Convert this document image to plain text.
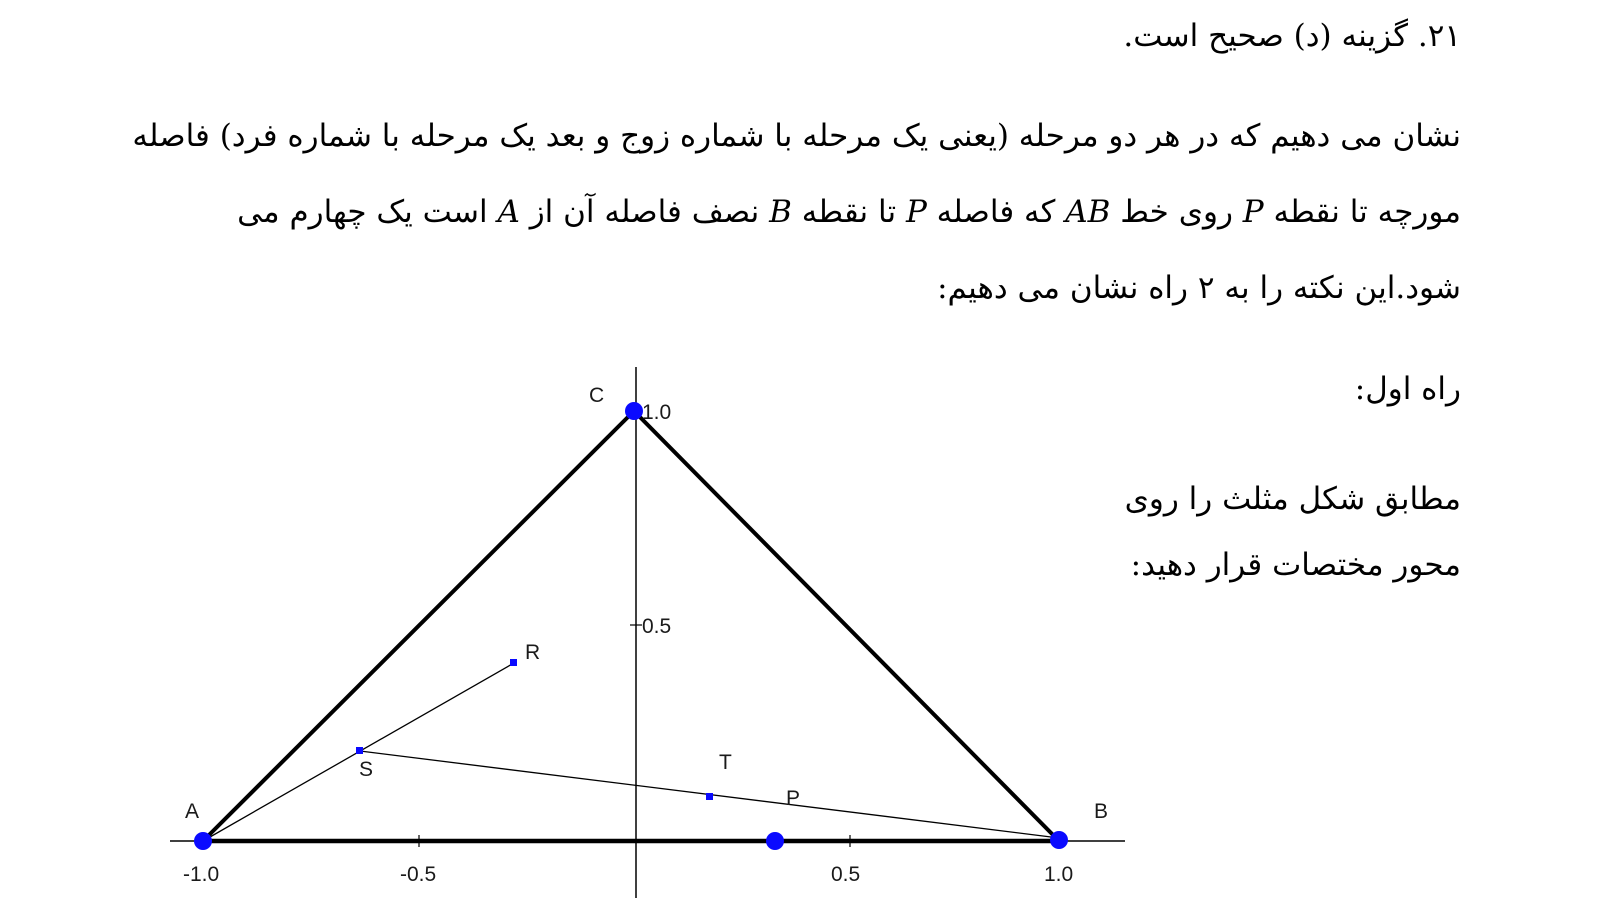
۲۱. گزینه (د) صحیح است.
نشان می دهیم که در هر دو مرحله (یعنی یک مرحله با شماره زوج و بعد یک مرحله با شماره فرد) فاصله
مورچه تا نقطه P روی خط AB که فاصله P تا نقطه B نصف فاصله آن از A است یک چهارم می
شود.این نکته را به ۲ راه نشان می دهیم:
راه اول:
مطابق شکل مثلث را روی
محور مختصات قرار دهید:
A	B
C
R
S	T
P
-1.0	-0.5	0.5	1.0
0.5
1.0
